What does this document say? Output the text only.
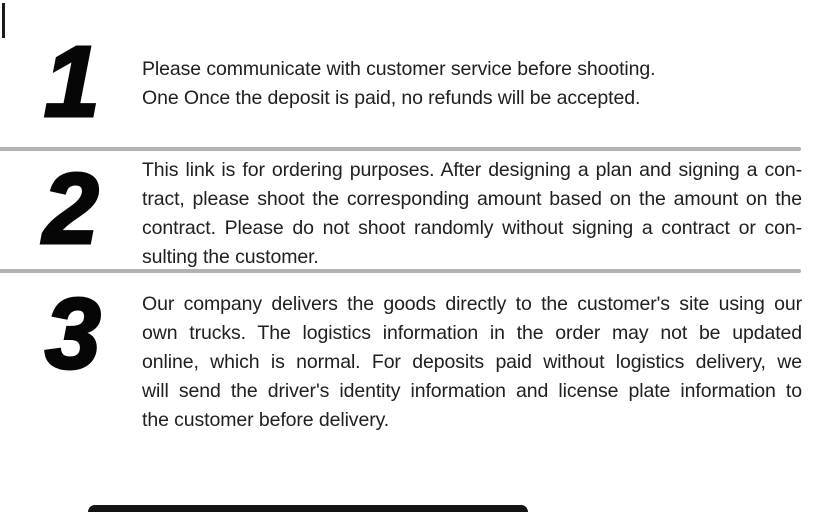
1 Please communicate with customer service before shooting.
One Once the deposit is paid, no refunds will be accepted.
2 This link is for ordering purposes. After designing a plan and signing a con-
tract, please shoot the corresponding amount based on the amount on the
contract. Please do not shoot randomly without signing a contract or con-
sulting the customer.
3 Our company delivers the goods directly to the customer's site using our
own trucks. The logistics information in the order may not be updated
online, which is normal. For deposits paid without logistics delivery, we
will send the driver's identity information and license plate information to
the customer before delivery.
